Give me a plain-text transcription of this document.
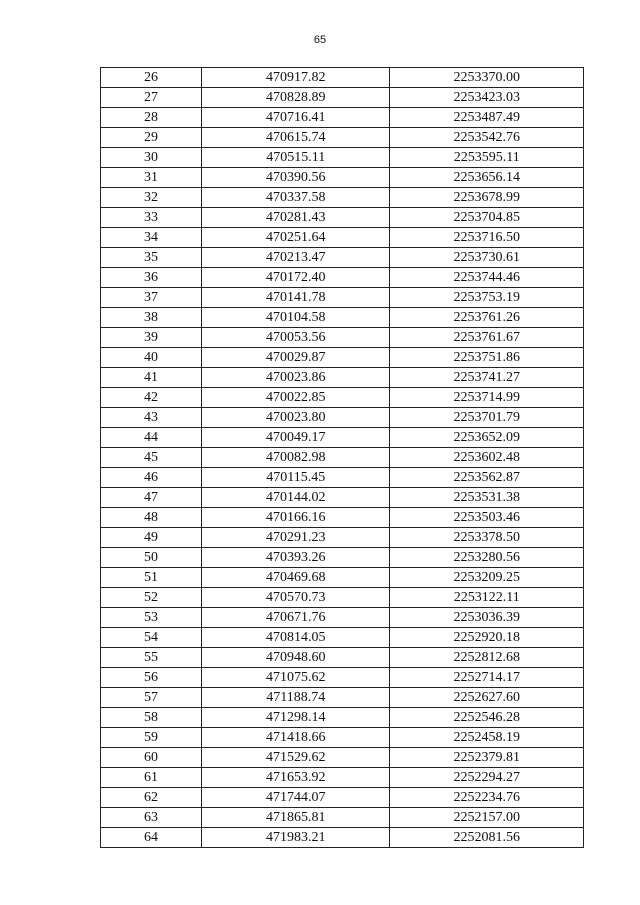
65
26	470917.82	2253370.00
27	470828.89	2253423.03
28	470716.41	2253487.49
29	470615.74	2253542.76
30	470515.11	2253595.11
31	470390.56	2253656.14
32	470337.58	2253678.99
33	470281.43	2253704.85
34	470251.64	2253716.50
35	470213.47	2253730.61
36	470172.40	2253744.46
37	470141.78	2253753.19
38	470104.58	2253761.26
39	470053.56	2253761.67
40	470029.87	2253751.86
41	470023.86	2253741.27
42	470022.85	2253714.99
43	470023.80	2253701.79
44	470049.17	2253652.09
45	470082.98	2253602.48
46	470115.45	2253562.87
47	470144.02	2253531.38
48	470166.16	2253503.46
49	470291.23	2253378.50
50	470393.26	2253280.56
51	470469.68	2253209.25
52	470570.73	2253122.11
53	470671.76	2253036.39
54	470814.05	2252920.18
55	470948.60	2252812.68
56	471075.62	2252714.17
57	471188.74	2252627.60
58	471298.14	2252546.28
59	471418.66	2252458.19
60	471529.62	2252379.81
61	471653.92	2252294.27
62	471744.07	2252234.76
63	471865.81	2252157.00
64	471983.21	2252081.56
